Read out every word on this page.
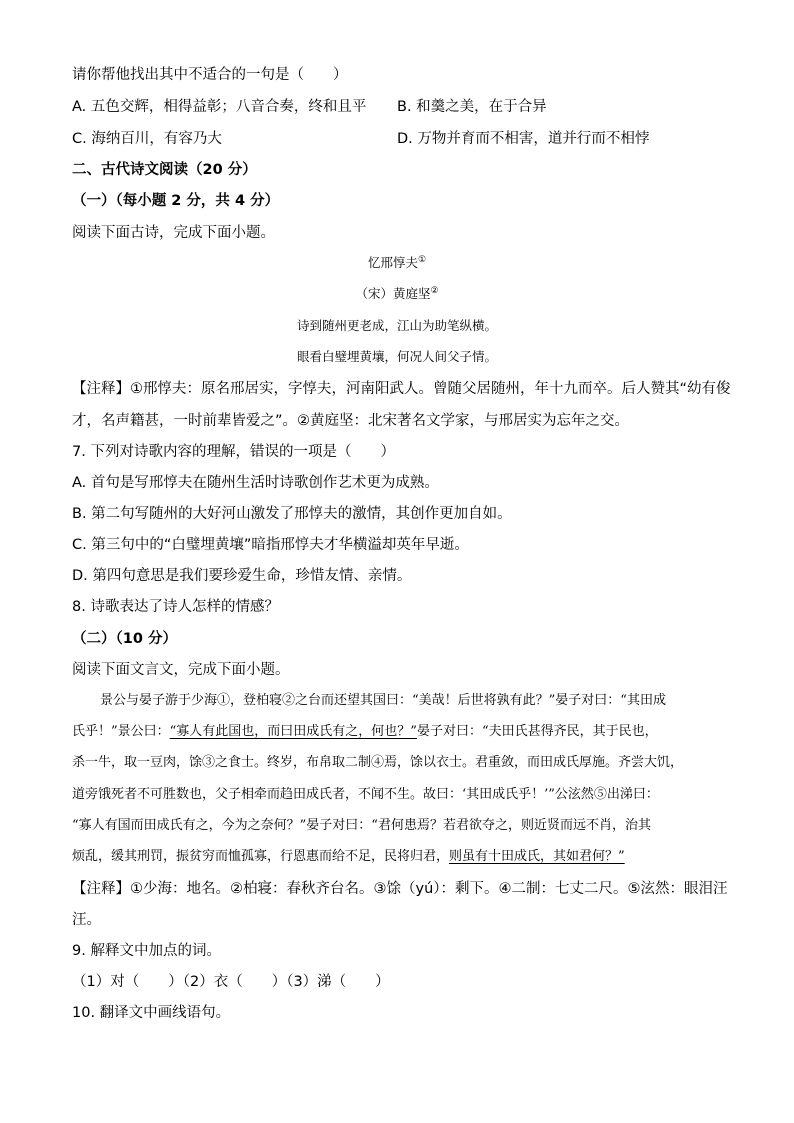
请你帮他找出其中不适合的一句是（　　）
A. 五色交辉，相得益彰；八音合奏，终和且平 B. 和羹之美，在于合异
C. 海纳百川，有容乃大	D. 万物并育而不相害，道并行而不相悖
二、古代诗文阅读（20 分）
（一）（每小题 2 分，共 4 分）
阅读下面古诗，完成下面小题。
忆邢惇夫①
（宋）黄庭坚②
诗到随州更老成，江山为助笔纵横。
眼看白璧埋黄壤，何况人间父子情。
【注释】①邢惇夫：原名邢居实，字惇夫，河南阳武人。曾随父居随州，年十九而卒。后人赞其“幼有俊
才，名声籍甚，一时前辈皆爱之”。②黄庭坚：北宋著名文学家，与邢居实为忘年之交。
7. 下列对诗歌内容的理解，错误的一项是（　　）
A. 首句是写邢惇夫在随州生活时诗歌创作艺术更为成熟。
B. 第二句写随州的大好河山激发了邢惇夫的激情，其创作更加自如。
C. 第三句中的“白璧埋黄壤”暗指邢惇夫才华横溢却英年早逝。
D. 第四句意思是我们要珍爱生命，珍惜友情、亲情。
8. 诗歌表达了诗人怎样的情感？
（二）（10 分）
阅读下面文言文，完成下面小题。
景公与晏子游于少海①，登柏寝②之台而还望其国曰：“美哉！后世将孰有此？”晏子对曰：“其田成
氏乎！”景公曰：“寡人有此国也，而曰田成氏有之，何也？”晏子对曰：“夫田氏甚得齐民，其于民也，
杀一牛，取一豆肉，馀③之食士。终岁，布帛取二制④焉，馀以衣士。君重敛，而田成氏厚施。齐尝大饥，
道旁饿死者不可胜数也，父子相牵而趋田成氏者，不闻不生。故曰：‘其田成氏乎！’”公泫然⑤出涕曰：
“寡人有国而田成氏有之，今为之奈何？”晏子对曰：“君何患焉？若君欲夺之，则近贤而远不肖，治其
烦乱，缓其刑罚，振贫穷而恤孤寡，行恩惠而给不足，民将归君，则虽有十田成氏，其如君何？”
【注释】①少海：地名。②柏寝：春秋齐台名。③馀（yú）：剩下。④二制：七丈二尺。⑤泫然：眼泪汪
汪。
9. 解释文中加点的词。
（1）对（　　）（2）衣（　　）（3）涕（　　）
10. 翻译文中画线语句。
